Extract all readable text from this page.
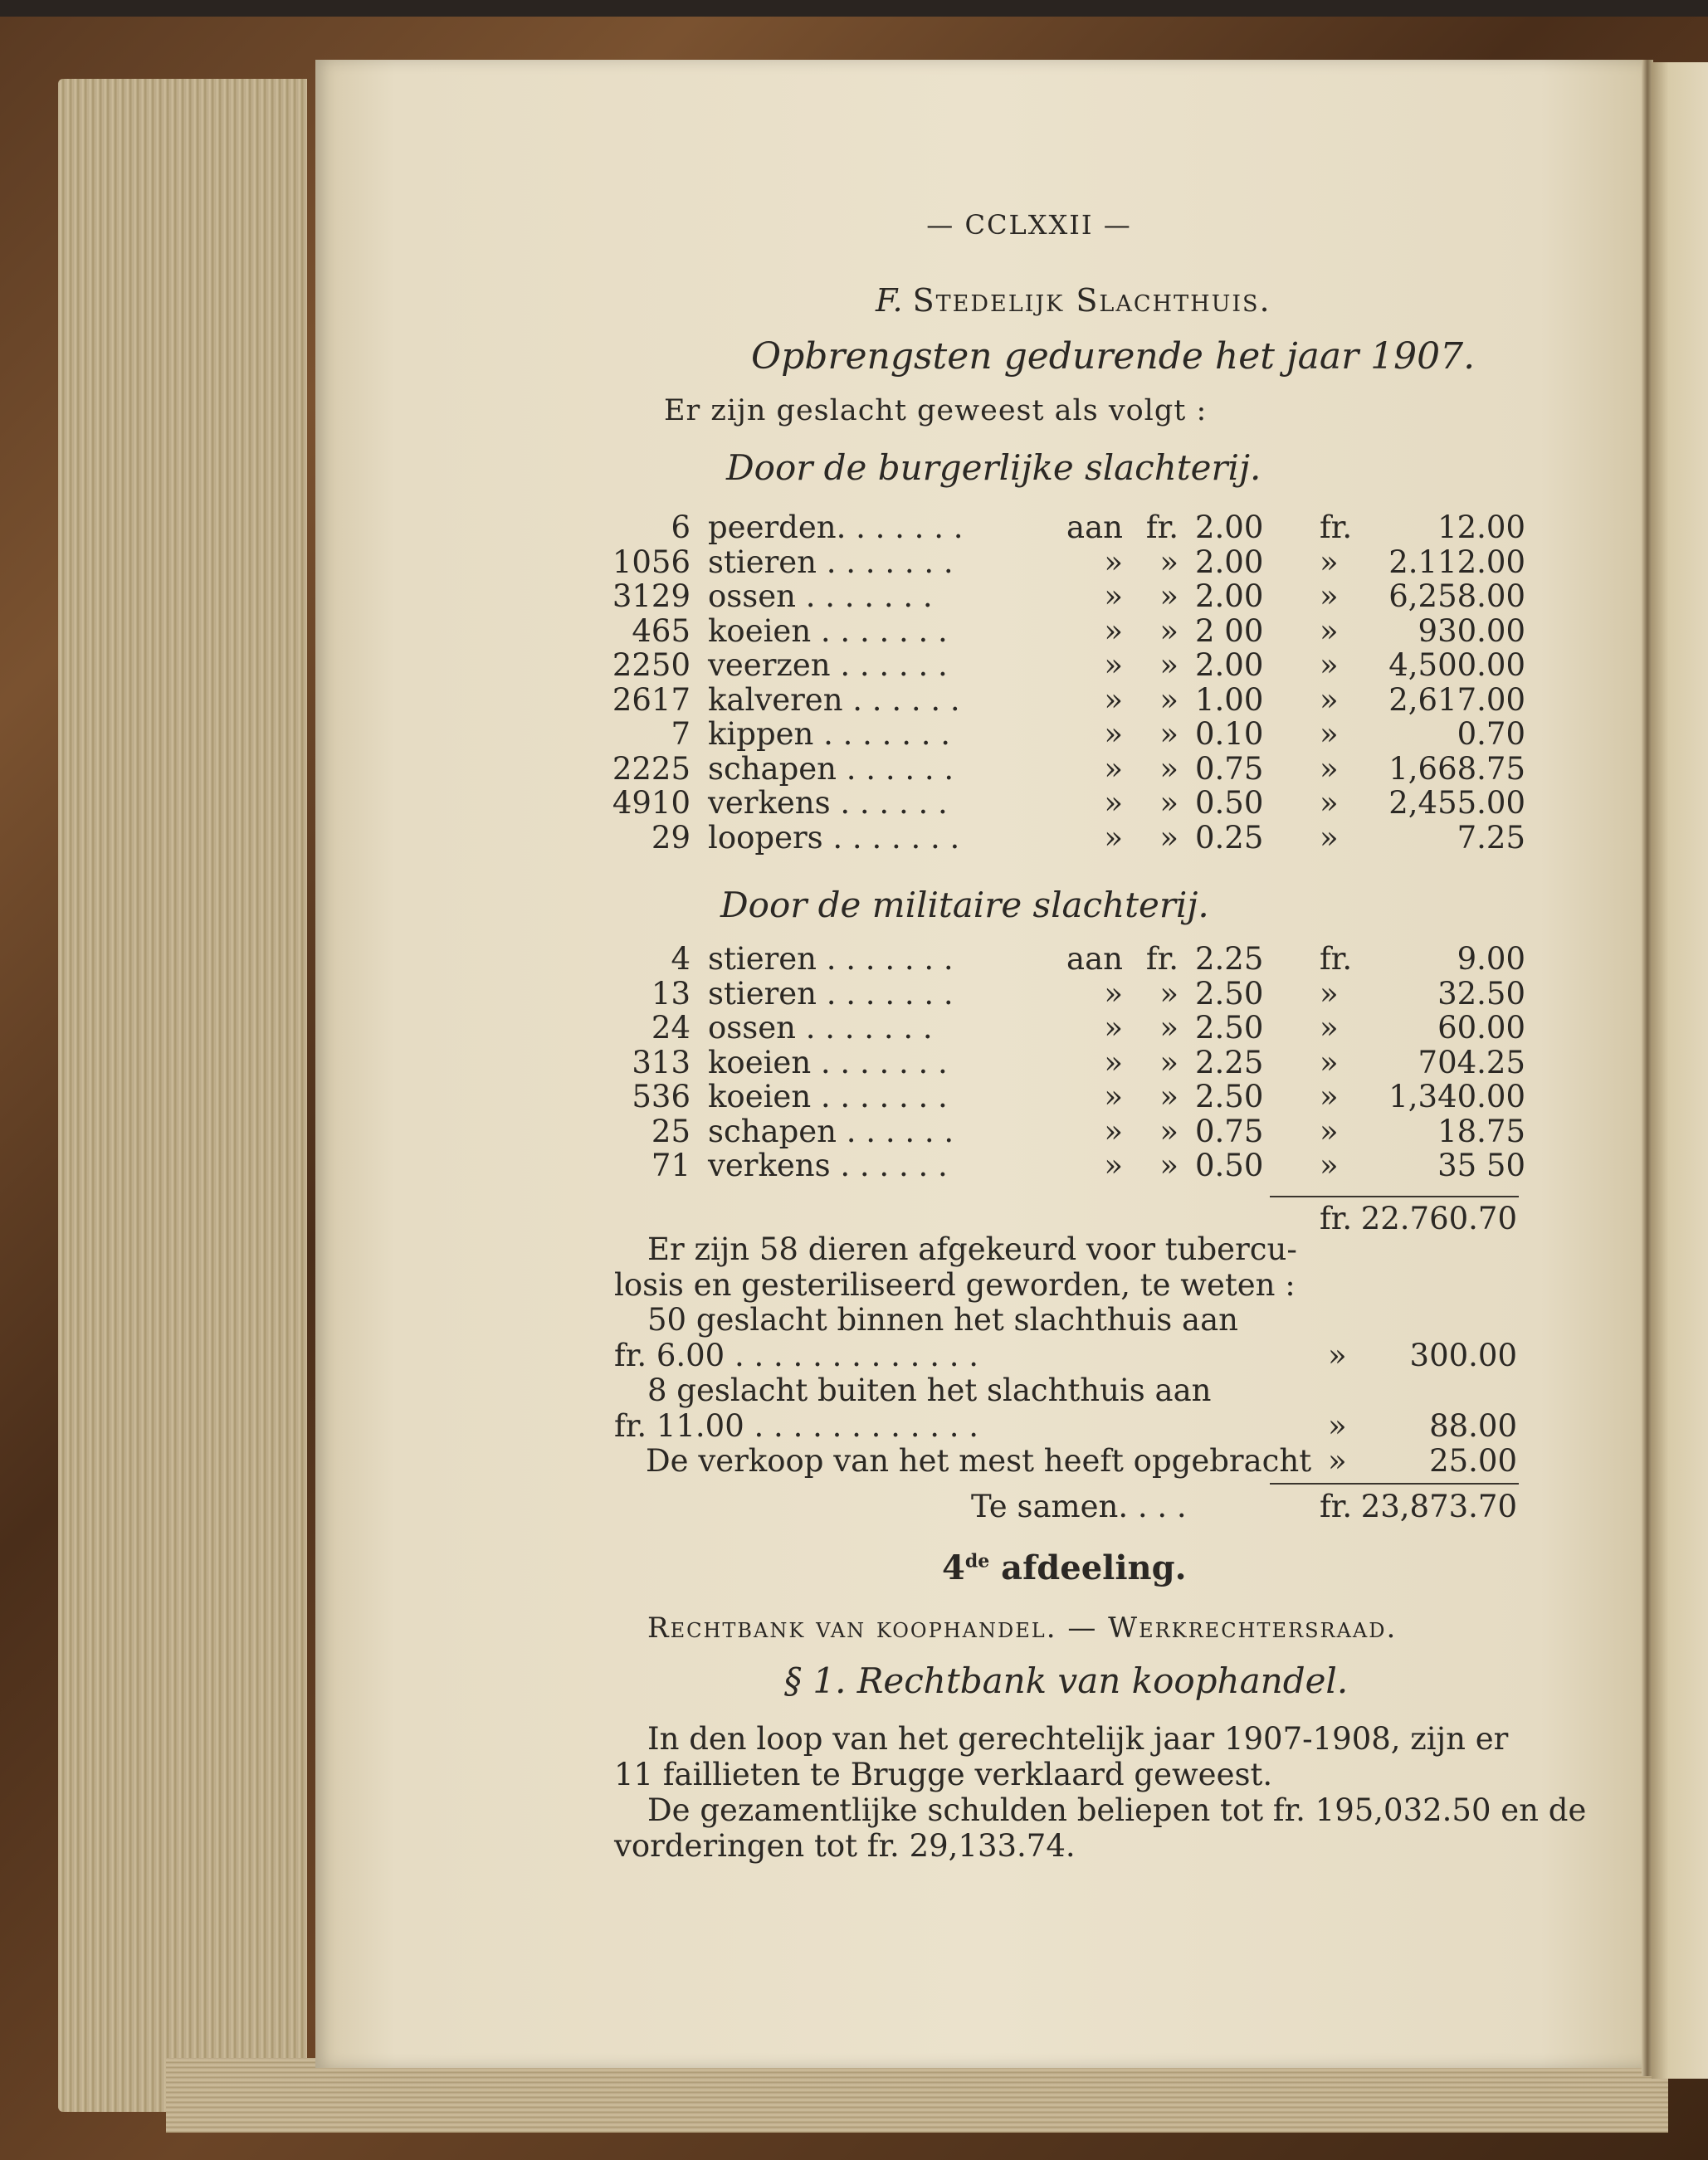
— CCLXXII —
F. Stedelijk Slachthuis.
Opbrengsten gedurende het jaar 1907.
Er zijn geslacht geweest als volgt :
Door de burgerlijke slachterij.
6 peerden. . . . . . .	aan fr. 2.00 fr.	12.00
1056 stieren . . . . . . .	»	» 2.00 »	2.112.00
3129 ossen . . . . . . .	»	» 2.00 »	6,258.00
465 koeien . . . . . . .	»	» 2 00 »	930.00
2250 veerzen . . . . . .	»	» 2.00 »	4,500.00
2617 kalveren . . . . . .	»	» 1.00 »	2,617.00
7 kippen . . . . . . .	»	» 0.10 »	0.70
2225 schapen . . . . . .	»	» 0.75 »	1,668.75
4910 verkens . . . . . .	»	» 0.50 »	2,455.00
29 loopers . . . . . . .	»	» 0.25 »	7.25
Door de militaire slachterij.
4 stieren . . . . . . .	aan fr. 2.25 fr.	9.00
13 stieren . . . . . . .	»	» 2.50 »	32.50
24 ossen . . . . . . .	»	» 2.50 »	60.00
313 koeien . . . . . . .	»	» 2.25 »	704.25
536 koeien . . . . . . .	»	» 2.50 »	1,340.00
25 schapen . . . . . .	»	» 0.75 »	18.75
71 verkens . . . . . .	»	» 0.50 »	35 50
fr. 22.760.70
Er zijn 58 dieren afgekeurd voor tubercu-
losis en gesteriliseerd geworden, te weten :
50 geslacht binnen het slachthuis aan
fr. 6.00 . . . . . . . . . . . . .	»	300.00
8 geslacht buiten het slachthuis aan
fr. 11.00 . . . . . . . . . . . .	»	88.00
De verkoop van het mest heeft opgebracht »	25.00
Te samen. . . .	fr. 23,873.70
4de afdeeling.
Rechtbank van koophandel. — Werkrechtersraad.
§ 1. Rechtbank van koophandel.
In den loop van het gerechtelijk jaar 1907-1908, zijn er
11 faillieten te Brugge verklaard geweest.
De gezamentlijke schulden beliepen tot fr. 195,032.50 en de
vorderingen tot fr. 29,133.74.
